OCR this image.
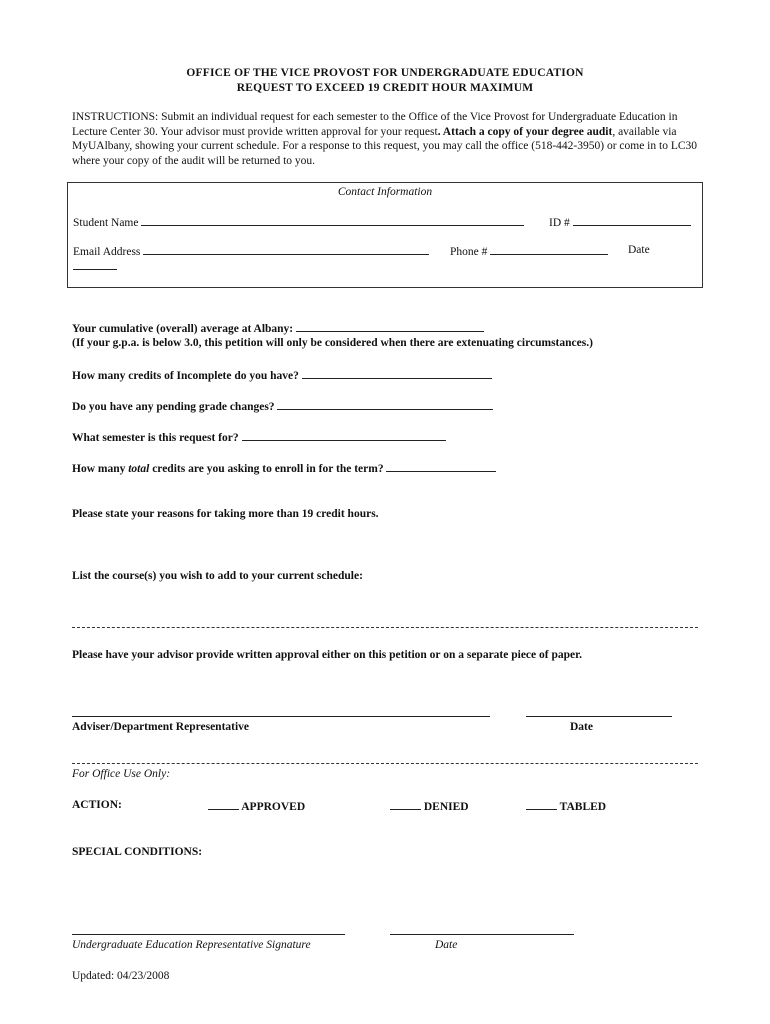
OFFICE OF THE VICE PROVOST FOR UNDERGRADUATE EDUCATION
REQUEST TO EXCEED 19 CREDIT HOUR MAXIMUM
INSTRUCTIONS: Submit an individual request for each semester to the Office of the Vice Provost for Undergraduate Education in Lecture Center 30. Your advisor must provide written approval for your request. Attach a copy of your degree audit, available via MyUAlbany, showing your current schedule. For a response to this request, you may call the office (518-442-3950) or come in to LC30 where your copy of the audit will be returned to you.
Contact Information
Student Name	ID #
Email Address	Phone #	Date
Your cumulative (overall) average at Albany:
(If your g.p.a. is below 3.0, this petition will only be considered when there are extenuating circumstances.)
How many credits of Incomplete do you have?
Do you have any pending grade changes?
What semester is this request for?
How many total credits are you asking to enroll in for the term?
Please state your reasons for taking more than 19 credit hours.
List the course(s) you wish to add to your current schedule:
Please have your advisor provide written approval either on this petition or on a separate piece of paper.
Adviser/Department Representative	Date
For Office Use Only:
ACTION:	APPROVED	DENIED	TABLED
SPECIAL CONDITIONS:
Undergraduate Education Representative Signature	Date
Updated: 04/23/2008
